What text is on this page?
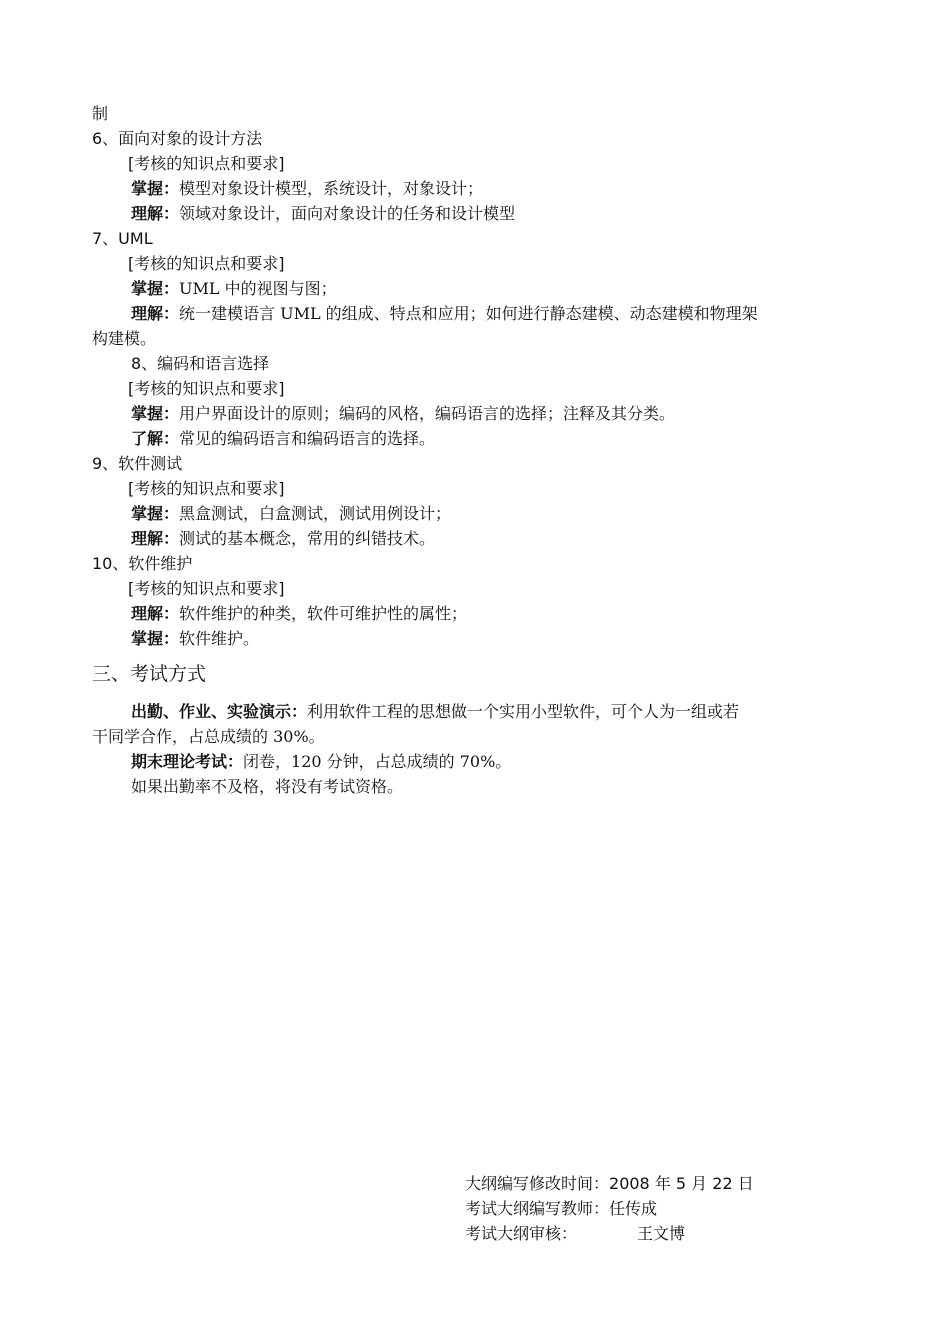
制
6、面向对象的设计方法
[考核的知识点和要求]
掌握：模型对象设计模型，系统设计，对象设计；
理解：领域对象设计，面向对象设计的任务和设计模型
7、UML
[考核的知识点和要求]
掌握：UML 中的视图与图；
理解：统一建模语言 UML 的组成、特点和应用；如何进行静态建模、动态建模和物理架
构建模。
8、编码和语言选择
[考核的知识点和要求]
掌握：用户界面设计的原则；编码的风格，编码语言的选择；注释及其分类。
了解：常见的编码语言和编码语言的选择。
9、软件测试
[考核的知识点和要求]
掌握：黑盒测试，白盒测试，测试用例设计；
理解：测试的基本概念，常用的纠错技术。
10、软件维护
[考核的知识点和要求]
理解：软件维护的种类，软件可维护性的属性；
掌握：软件维护。
三、考试方式
出勤、作业、实验演示：利用软件工程的思想做一个实用小型软件，可个人为一组或若
干同学合作，占总成绩的 30%。
期末理论考试：闭卷，120 分钟，占总成绩的 70%。
如果出勤率不及格，将没有考试资格。
大纲编写修改时间：2008 年 5 月 22 日
考试大纲编写教师：任传成
考试大纲审核：	王文博
